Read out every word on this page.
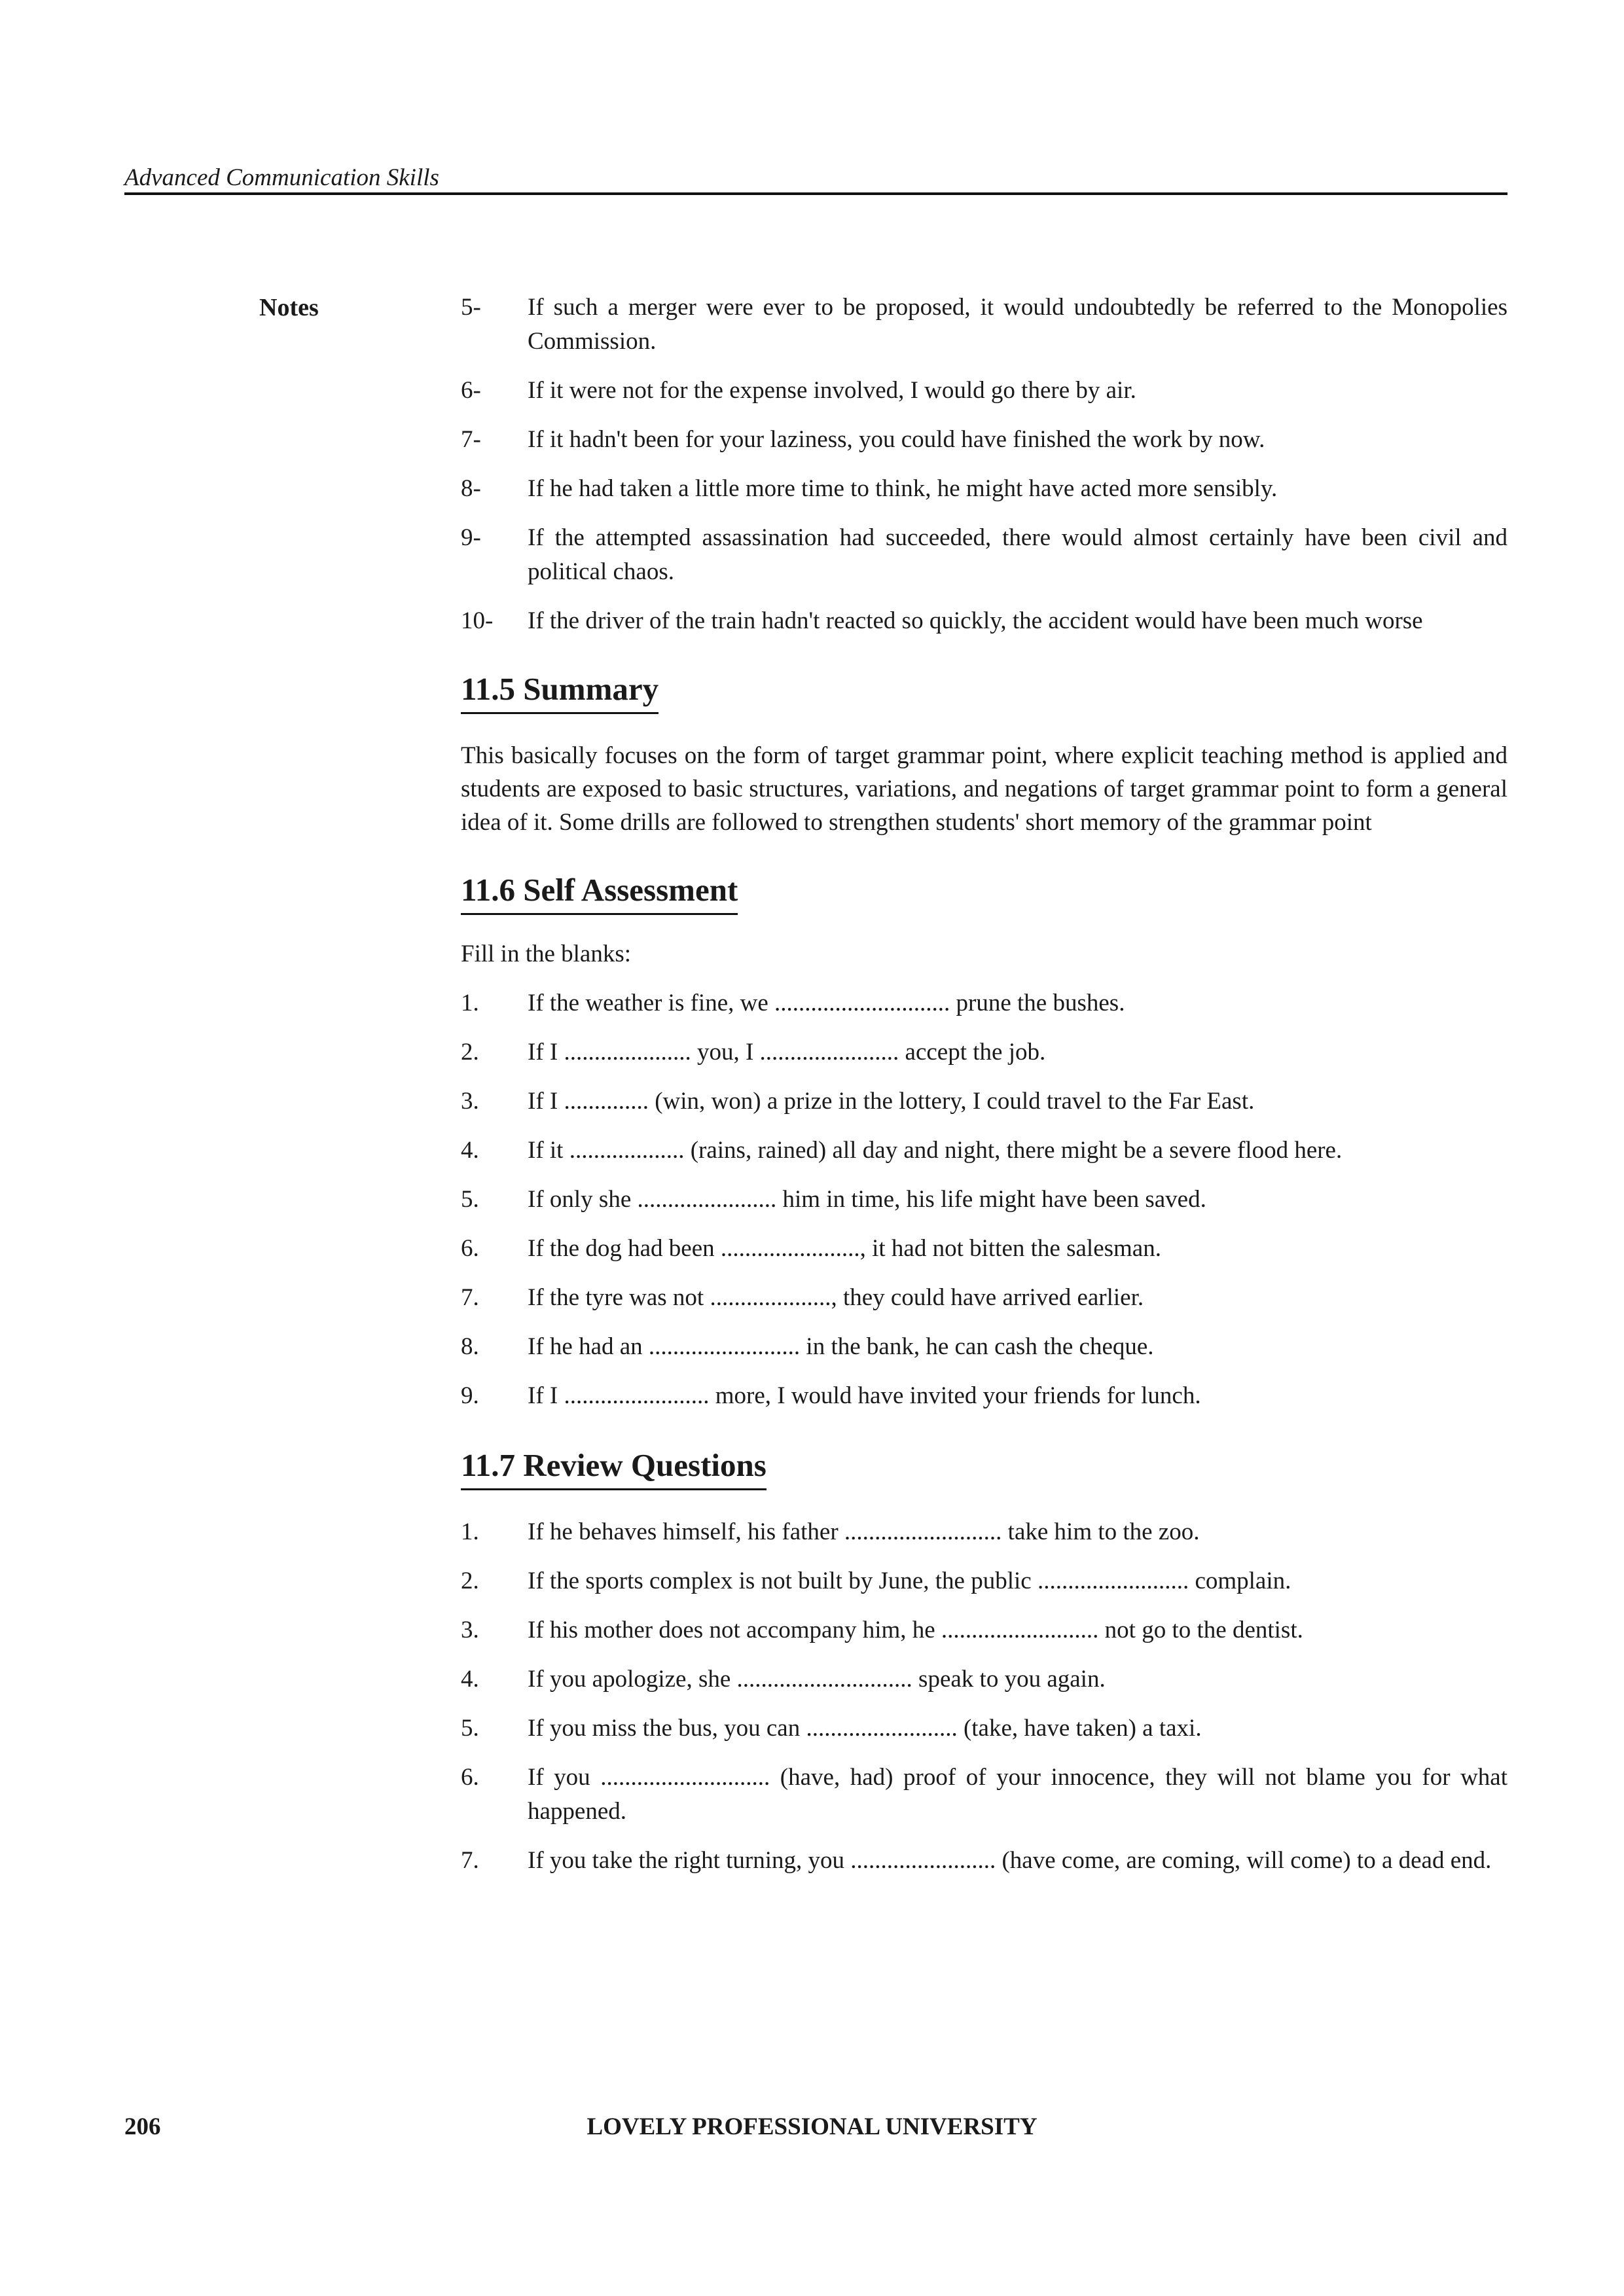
Advanced Communication Skills
Notes	5- If such a merger were ever to be proposed, it would undoubtedly be referred to the Monopolies Commission.
6- If it were not for the expense involved, I would go there by air.
7- If it hadn't been for your laziness, you could have finished the work by now.
8- If he had taken a little more time to think, he might have acted more sensibly.
9- If the attempted assassination had succeeded, there would almost certainly have been civil and political chaos.
10- If the driver of the train hadn't reacted so quickly, the accident would have been much worse
11.5 Summary
This basically focuses on the form of target grammar point, where explicit teaching method is applied and students are exposed to basic structures, variations, and negations of target grammar point to form a general idea of it. Some drills are followed to strengthen students' short memory of the grammar point
11.6 Self Assessment
Fill in the blanks:
1. If the weather is fine, we ............................. prune the bushes.
2. If I ..................... you, I ....................... accept the job.
3. If I .............. (win, won) a prize in the lottery, I could travel to the Far East.
4. If it ................... (rains, rained) all day and night, there might be a severe flood here.
5. If only she ....................... him in time, his life might have been saved.
6. If the dog had been ......................., it had not bitten the salesman.
7. If the tyre was not ...................., they could have arrived earlier.
8. If he had an ......................... in the bank, he can cash the cheque.
9. If I ........................ more, I would have invited your friends for lunch.
11.7 Review Questions
1. If he behaves himself, his father .......................... take him to the zoo.
2. If the sports complex is not built by June, the public ......................... complain.
3. If his mother does not accompany him, he .......................... not go to the dentist.
4. If you apologize, she ............................. speak to you again.
5. If you miss the bus, you can ......................... (take, have taken) a taxi.
6. If you ............................ (have, had) proof of your innocence, they will not blame you for what happened.
7. If you take the right turning, you ........................ (have come, are coming, will come) to a dead end.
206	LOVELY PROFESSIONAL UNIVERSITY
